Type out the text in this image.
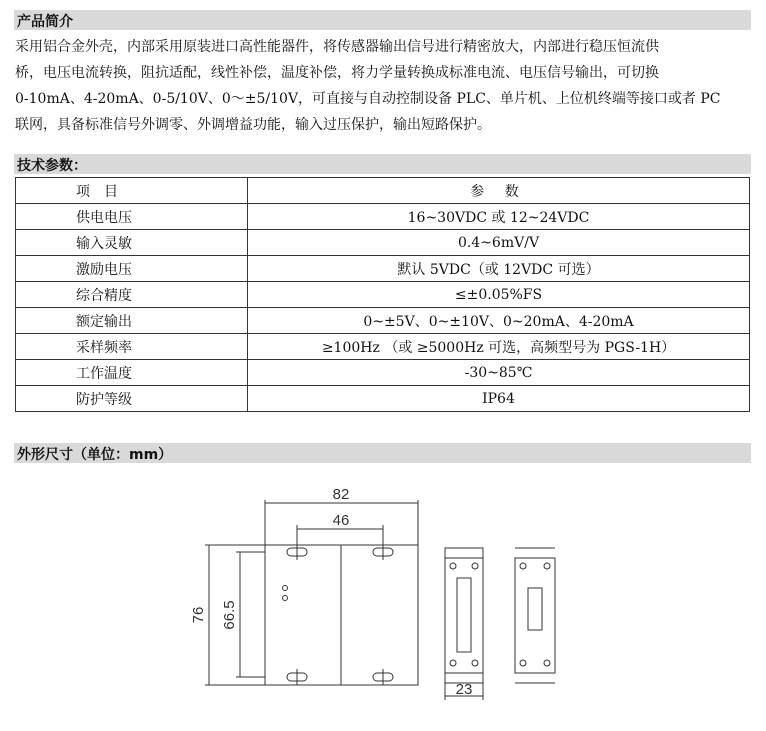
产品简介

采用铝合金外壳，内部采用原装进口高性能器件，将传感器输出信号进行精密放大，内部进行稳压恒流供

桥，电压电流转换，阻抗适配，线性补偿，温度补偿，将力学量转换成标准电流、电压信号输出，可切换

0-10mA、4-20mA、0-5/10V、0～±5/10V，可直接与自动控制设备 PLC、单片机、上位机终端等接口或者 PC

联网，具备标准信号外调零、外调增益功能，输入过压保护，输出短路保护。

技术参数：
项　目	参 数
供电电压	16~30VDC 或 12~24VDC
输入灵敏	0.4~6mV/V
激励电压	默认 5VDC（或 12VDC 可选）
综合精度	≤±0.05%FS
额定输出	0~±5V、0~±10V、0~20mA、4-20mA
采样频率	≥100Hz （或 ≥5000Hz 可选，高频型号为 PGS-1H）
工作温度	-30~85℃
防护等级	IP64
外形尺寸（单位：mm）
82
46
76 66.5
23
